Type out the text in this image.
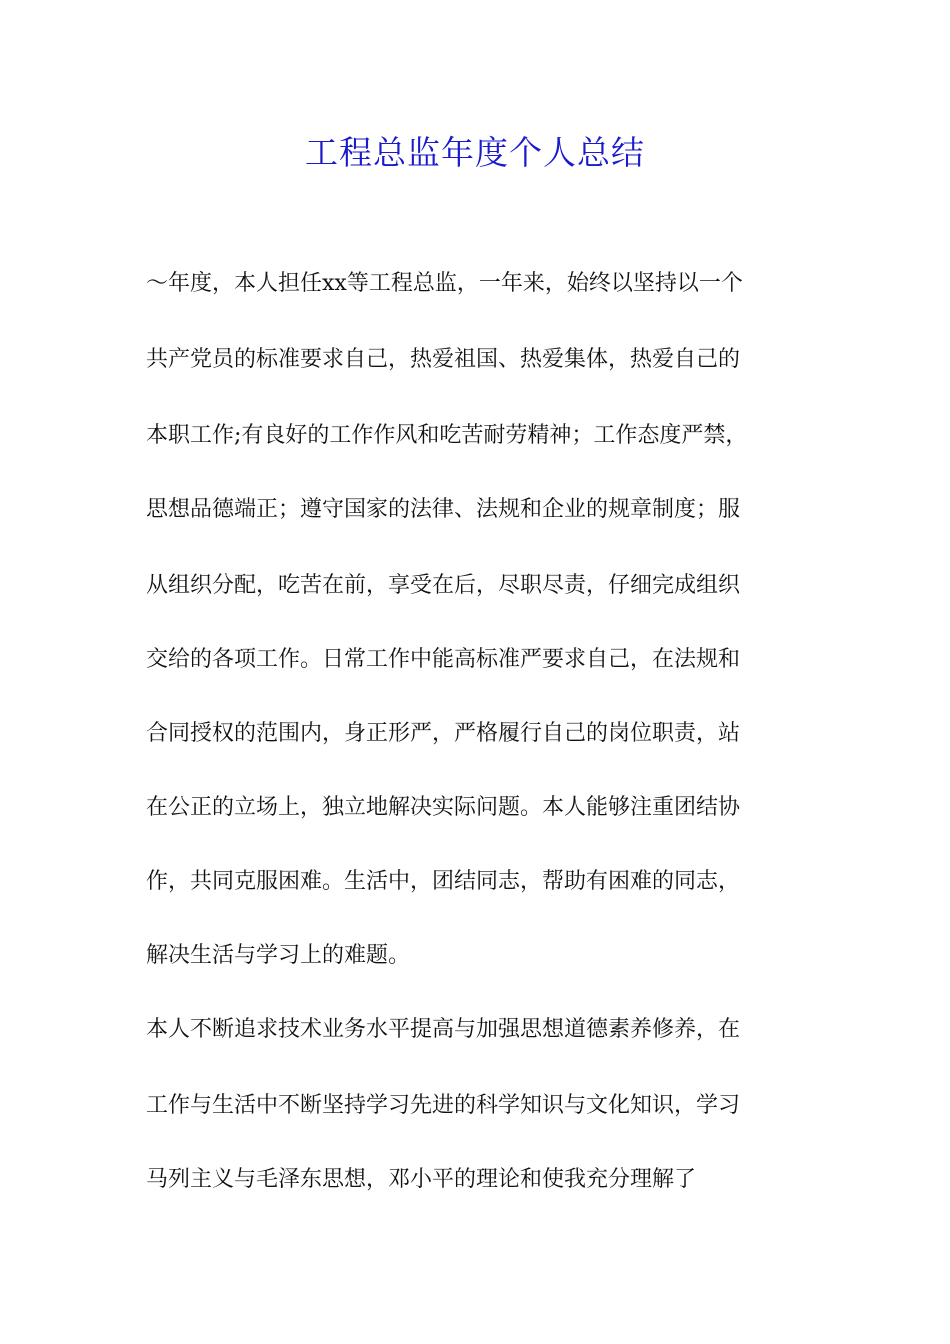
工程总监年度个人总结

～年度，本人担任xx等工程总监，一年来，始终以坚持以一个

共产党员的标准要求自己，热爱祖国、热爱集体，热爱自己的

本职工作;有良好的工作作风和吃苦耐劳精神；工作态度严禁，

思想品德端正；遵守国家的法律、法规和企业的规章制度；服

从组织分配，吃苦在前，享受在后，尽职尽责，仔细完成组织

交给的各项工作。日常工作中能高标准严要求自己，在法规和

合同授权的范围内，身正形严，严格履行自己的岗位职责，站

在公正的立场上，独立地解决实际问题。本人能够注重团结协

作，共同克服困难。生活中，团结同志，帮助有困难的同志，

解决生活与学习上的难题。

本人不断追求技术业务水平提高与加强思想道德素养修养，在

工作与生活中不断坚持学习先进的科学知识与文化知识，学习

马列主义与毛泽东思想，邓小平的理论和使我充分理解了
